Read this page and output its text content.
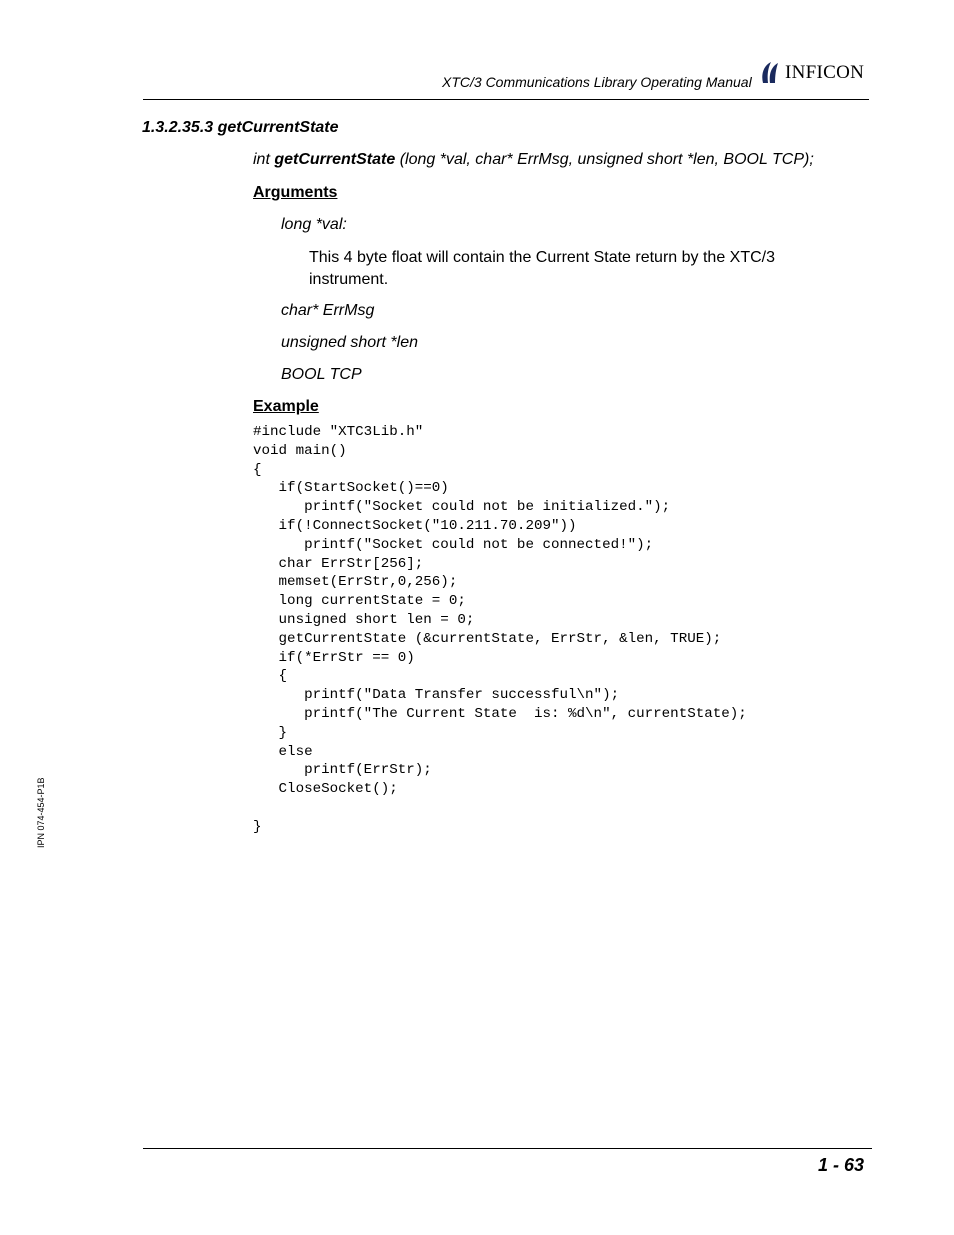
XTC/3 Communications Library Operating Manual INFICON
1.3.2.35.3 getCurrentState
int getCurrentState (long *val, char* ErrMsg, unsigned short *len, BOOL TCP);
Arguments
long *val:
This 4 byte float will contain the Current State return by the XTC/3 instrument.
char* ErrMsg
unsigned short *len
BOOL TCP
Example
#include "XTC3Lib.h"
void main()
{
if(StartSocket()==0)
printf("Socket could not be initialized.");
if(!ConnectSocket("10.211.70.209"))
printf("Socket could not be connected!");
char ErrStr[256];
memset(ErrStr,0,256);
long currentState = 0;
unsigned short len = 0;
getCurrentState (&currentState, ErrStr, &len, TRUE);
if(*ErrStr == 0)
{
printf("Data Transfer successful\n");
printf("The Current State  is: %d\n", currentState);
}
else
printf(ErrStr);
CloseSocket();

}
IPN 074-454-P1B
1 - 63
